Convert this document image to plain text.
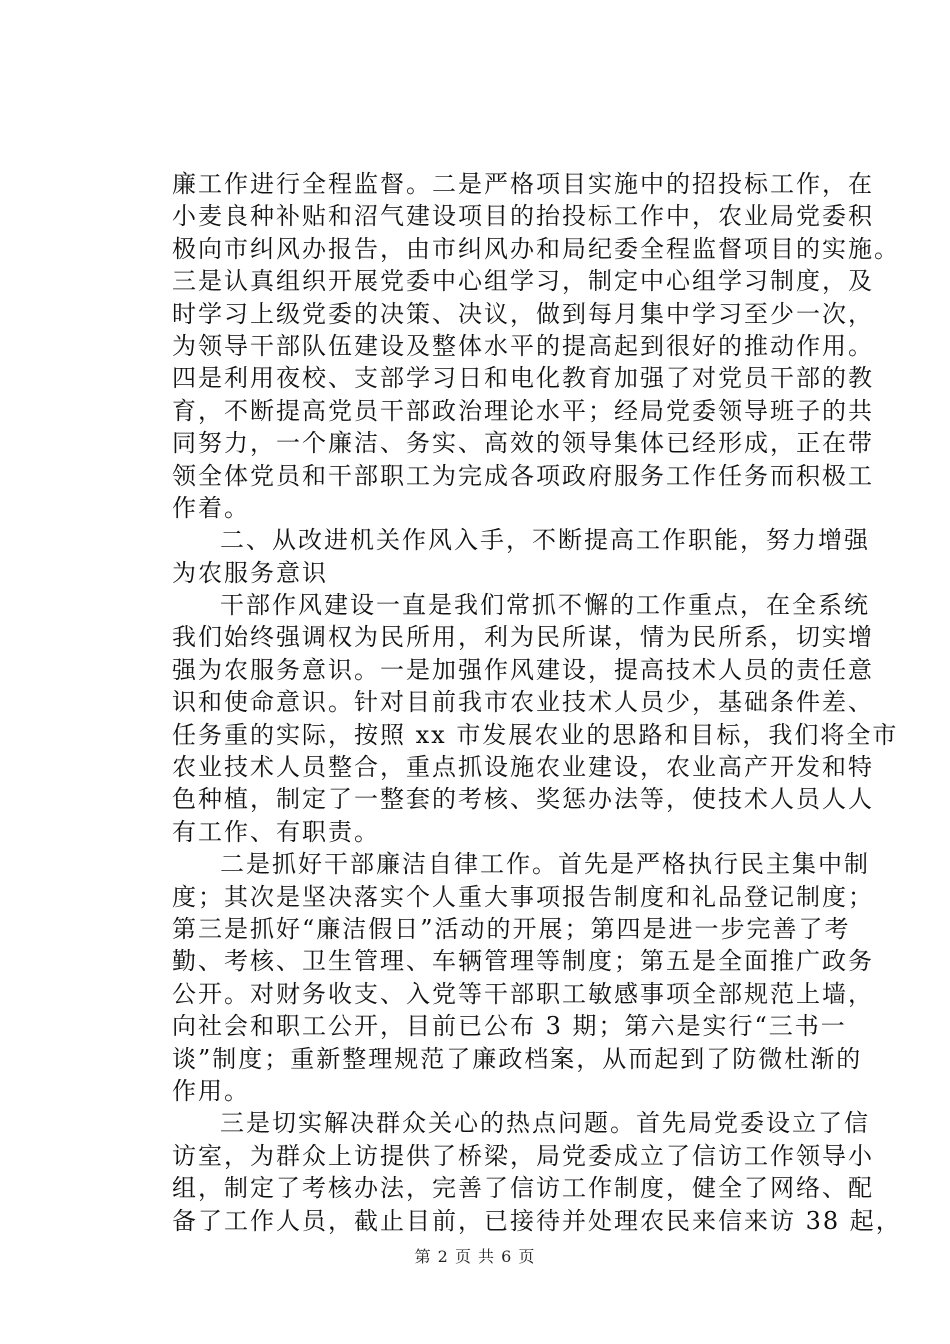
廉工作进行全程监督。二是严格项目实施中的招投标工作，在
小麦良种补贴和沼气建设项目的抬投标工作中，农业局党委积
极向市纠风办报告，由市纠风办和局纪委全程监督项目的实施。
三是认真组织开展党委中心组学习，制定中心组学习制度，及
时学习上级党委的决策、决议，做到每月集中学习至少一次，
为领导干部队伍建设及整体水平的提高起到很好的推动作用。
四是利用夜校、支部学习日和电化教育加强了对党员干部的教
育，不断提高党员干部政治理论水平；经局党委领导班子的共
同努力，一个廉洁、务实、高效的领导集体已经形成，正在带
领全体党员和干部职工为完成各项政府服务工作任务而积极工
作着。
二、从改进机关作风入手，不断提高工作职能，努力增强
为农服务意识
干部作风建设一直是我们常抓不懈的工作重点，在全系统
我们始终强调权为民所用，利为民所谋，情为民所系，切实增
强为农服务意识。一是加强作风建设，提高技术人员的责任意
识和使命意识。针对目前我市农业技术人员少，基础条件差、
任务重的实际，按照 xx 市发展农业的思路和目标，我们将全市
农业技术人员整合，重点抓设施农业建设，农业高产开发和特
色种植，制定了一整套的考核、奖惩办法等，使技术人员人人
有工作、有职责。
二是抓好干部廉洁自律工作。首先是严格执行民主集中制
度；其次是坚决落实个人重大事项报告制度和礼品登记制度；
第三是抓好“廉洁假日”活动的开展；第四是进一步完善了考
勤、考核、卫生管理、车辆管理等制度；第五是全面推广政务
公开。对财务收支、入党等干部职工敏感事项全部规范上墙，
向社会和职工公开，目前已公布 3 期；第六是实行“三书一
谈”制度；重新整理规范了廉政档案，从而起到了防微杜渐的
作用。
三是切实解决群众关心的热点问题。首先局党委设立了信
访室，为群众上访提供了桥梁，局党委成立了信访工作领导小
组，制定了考核办法，完善了信访工作制度，健全了网络、配
备了工作人员，截止目前，已接待并处理农民来信来访 38 起，
第 2 页 共 6 页
